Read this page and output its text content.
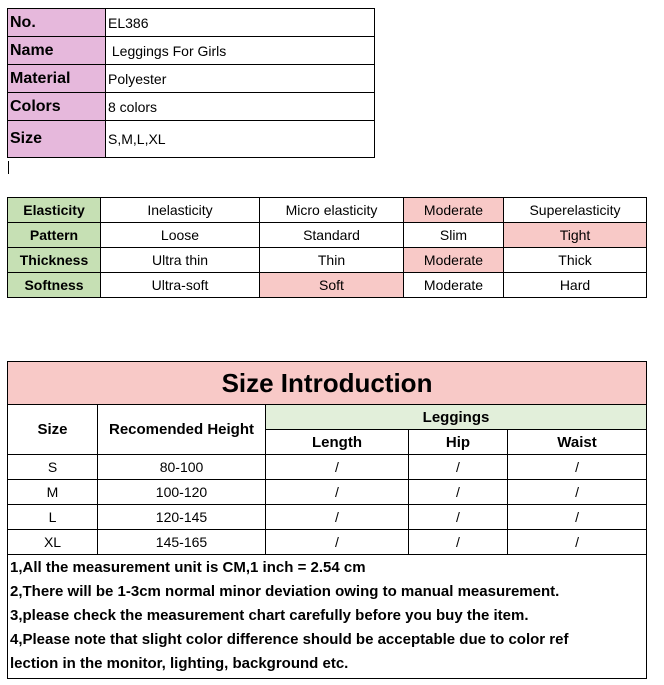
No.	EL386
Name	Leggings For Girls
Material	Polyester
Colors	8 colors
Size	S,M,L,XL
Elasticity	Inelasticity	Micro elasticity	Moderate	Superelasticity
Pattern	Loose	Standard	Slim	Tight
Thickness	Ultra thin	Thin	Moderate	Thick
Softness	Ultra-soft	Soft	Moderate	Hard
Size Introduction				
Size	Recomended Height	Leggings		
		Length	Hip	Waist
S	80-100	/	/	/
M	100-120	/	/	/
L	120-145	/	/	/
XL	145-165	/	/	/

1,All the measurement unit is CM,1 inch = 2.54 cm
2,There will be 1-3cm normal minor deviation owing to manual measurement.
3,please check the measurement chart carefully before you buy the item.
4,Please note that slight color difference should be acceptable due to color ref
lection in the monitor, lighting, background etc.				
